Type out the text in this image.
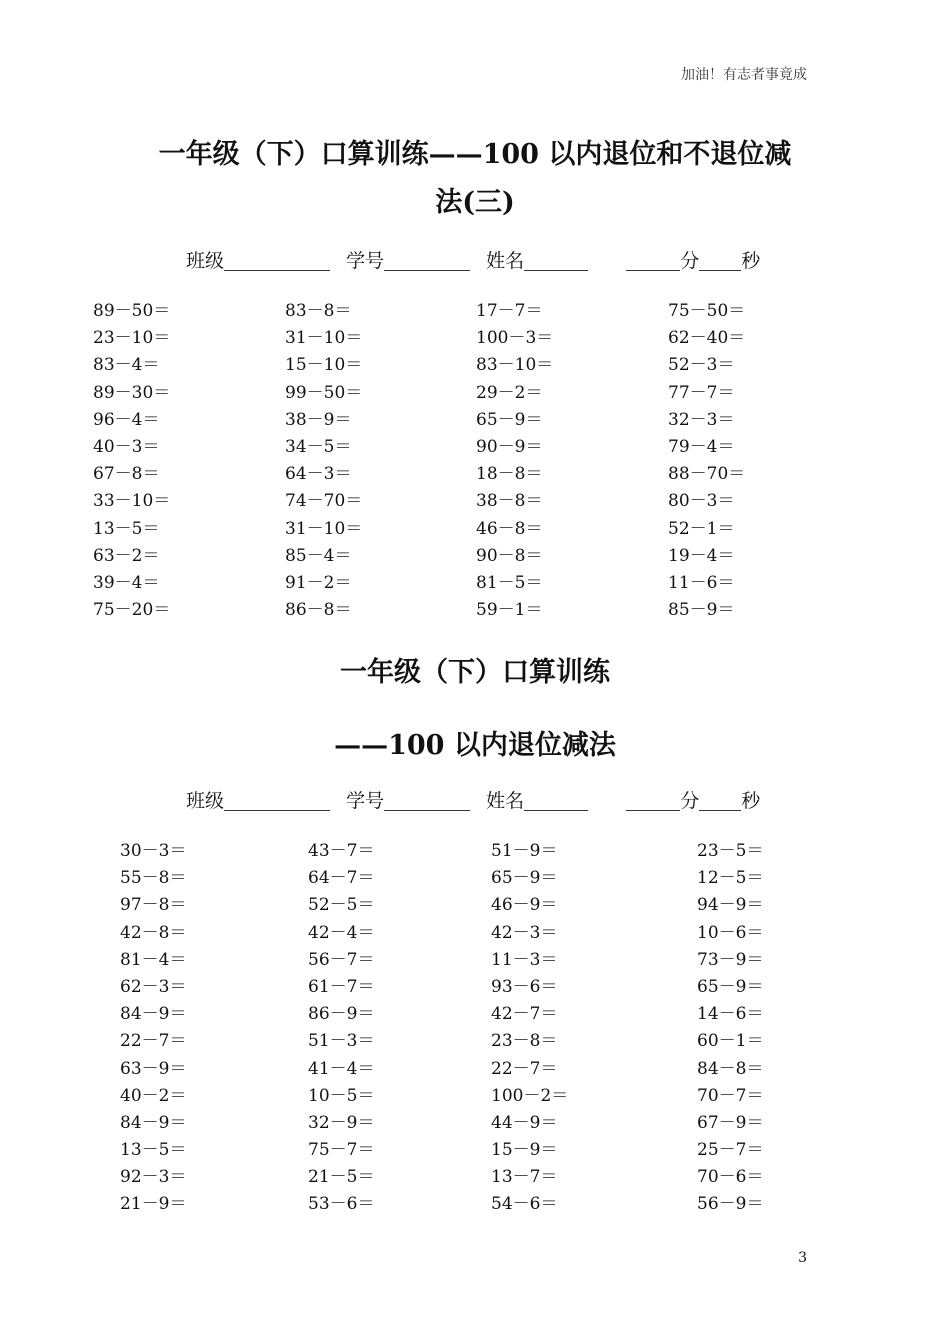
加油！有志者事竟成
一年级（下）口算训练——100 以内退位和不退位减
法(三)
班级	学号	姓名	分 秒
89－50＝	83－8＝	17－7＝	75－50＝
23－10＝	31－10＝	100－3＝	62－40＝
83－4＝	15－10＝	83－10＝	52－3＝
89－30＝	99－50＝	29－2＝	77－7＝
96－4＝	38－9＝	65－9＝	32－3＝
40－3＝	34－5＝	90－9＝	79－4＝
67－8＝	64－3＝	18－8＝	88－70＝
33－10＝	74－70＝	38－8＝	80－3＝
13－5＝	31－10＝	46－8＝	52－1＝
63－2＝	85－4＝	90－8＝	19－4＝
39－4＝	91－2＝	81－5＝	11－6＝
75－20＝	86－8＝	59－1＝	85－9＝
一年级（下）口算训练
——100 以内退位减法
班级	学号	姓名	分 秒
30－3＝	43－7＝	51－9＝	23－5＝
55－8＝	64－7＝	65－9＝	12－5＝
97－8＝	52－5＝	46－9＝	94－9＝
42－8＝	42－4＝	42－3＝	10－6＝
81－4＝	56－7＝	11－3＝	73－9＝
62－3＝	61－7＝	93－6＝	65－9＝
84－9＝	86－9＝	42－7＝	14－6＝
22－7＝	51－3＝	23－8＝	60－1＝
63－9＝	41－4＝	22－7＝	84－8＝
40－2＝	10－5＝	100－2＝	70－7＝
84－9＝	32－9＝	44－9＝	67－9＝
13－5＝	75－7＝	15－9＝	25－7＝
92－3＝	21－5＝	13－7＝	70－6＝
21－9＝	53－6＝	54－6＝	56－9＝
3
